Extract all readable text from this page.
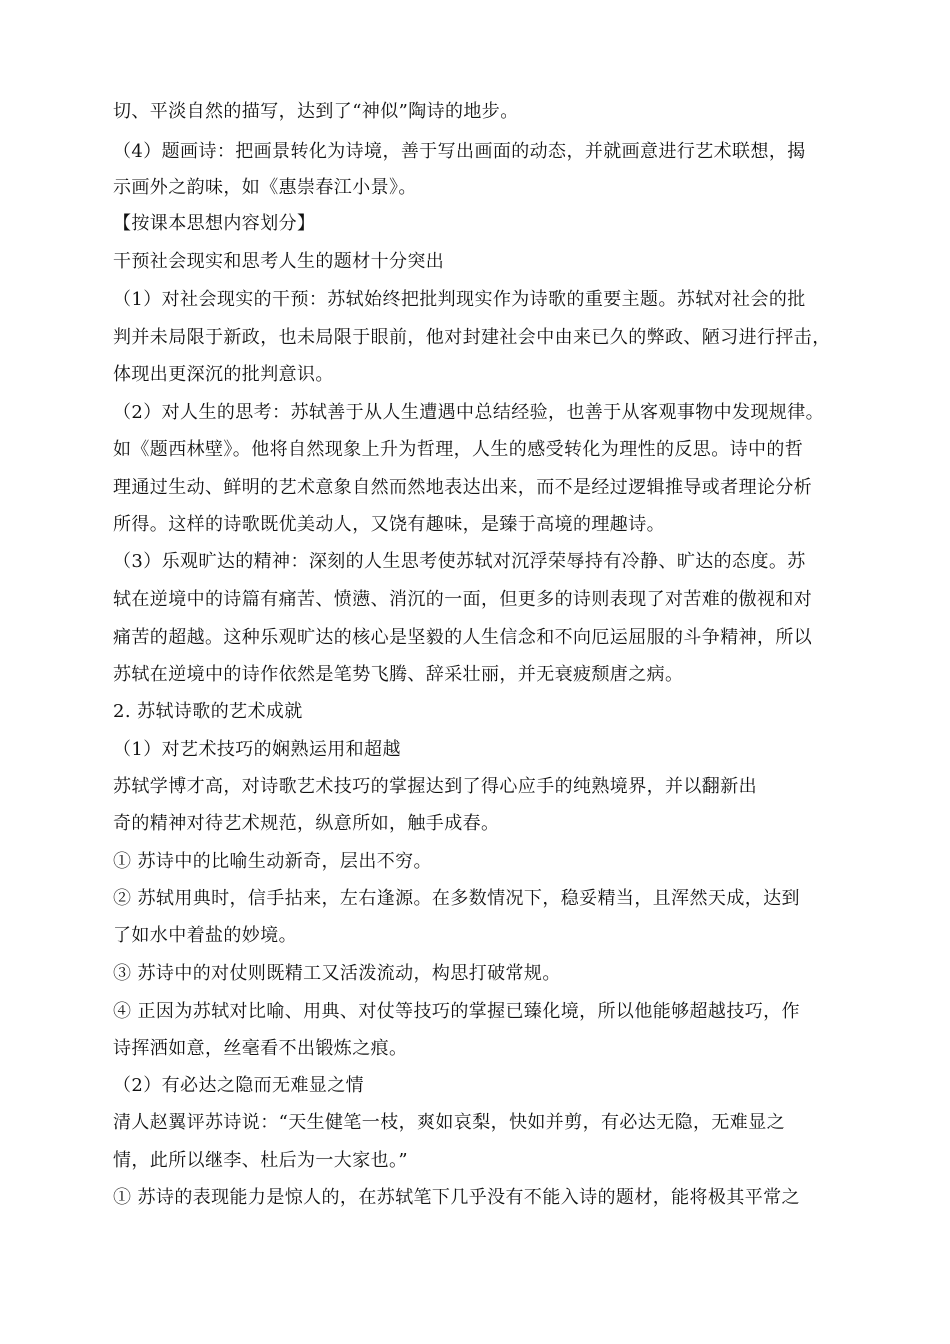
切、平淡自然的描写，达到了“神似”陶诗的地步。
（4）题画诗：把画景转化为诗境，善于写出画面的动态，并就画意进行艺术联想，揭
示画外之韵味，如《惠崇春江小景》。
【按课本思想内容划分】
干预社会现实和思考人生的题材十分突出
（1）对社会现实的干预：苏轼始终把批判现实作为诗歌的重要主题。苏轼对社会的批
判并未局限于新政，也未局限于眼前，他对封建社会中由来已久的弊政、陋习进行抨击，
体现出更深沉的批判意识。
（2）对人生的思考：苏轼善于从人生遭遇中总结经验，也善于从客观事物中发现规律。
如《题西林壁》。他将自然现象上升为哲理，人生的感受转化为理性的反思。诗中的哲
理通过生动、鲜明的艺术意象自然而然地表达出来，而不是经过逻辑推导或者理论分析
所得。这样的诗歌既优美动人，又饶有趣味，是臻于高境的理趣诗。
（3）乐观旷达的精神：深刻的人生思考使苏轼对沉浮荣辱持有冷静、旷达的态度。苏
轼在逆境中的诗篇有痛苦、愤懑、消沉的一面，但更多的诗则表现了对苦难的傲视和对
痛苦的超越。这种乐观旷达的核心是坚毅的人生信念和不向厄运屈服的斗争精神，所以
苏轼在逆境中的诗作依然是笔势飞腾、辞采壮丽，并无衰疲颓唐之病。
2. 苏轼诗歌的艺术成就
（1）对艺术技巧的娴熟运用和超越
苏轼学博才高，对诗歌艺术技巧的掌握达到了得心应手的纯熟境界，并以翻新出
奇的精神对待艺术规范，纵意所如，触手成春。
① 苏诗中的比喻生动新奇，层出不穷。
② 苏轼用典时，信手拈来，左右逢源。在多数情况下，稳妥精当，且浑然天成，达到
了如水中着盐的妙境。
③ 苏诗中的对仗则既精工又活泼流动，构思打破常规。
④ 正因为苏轼对比喻、用典、对仗等技巧的掌握已臻化境，所以他能够超越技巧，作
诗挥洒如意，丝毫看不出锻炼之痕。
（2）有必达之隐而无难显之情
清人赵翼评苏诗说：“天生健笔一枝，爽如哀梨，快如并剪，有必达无隐，无难显之
情，此所以继李、杜后为一大家也。”
① 苏诗的表现能力是惊人的，在苏轼笔下几乎没有不能入诗的题材，能将极其平常之
